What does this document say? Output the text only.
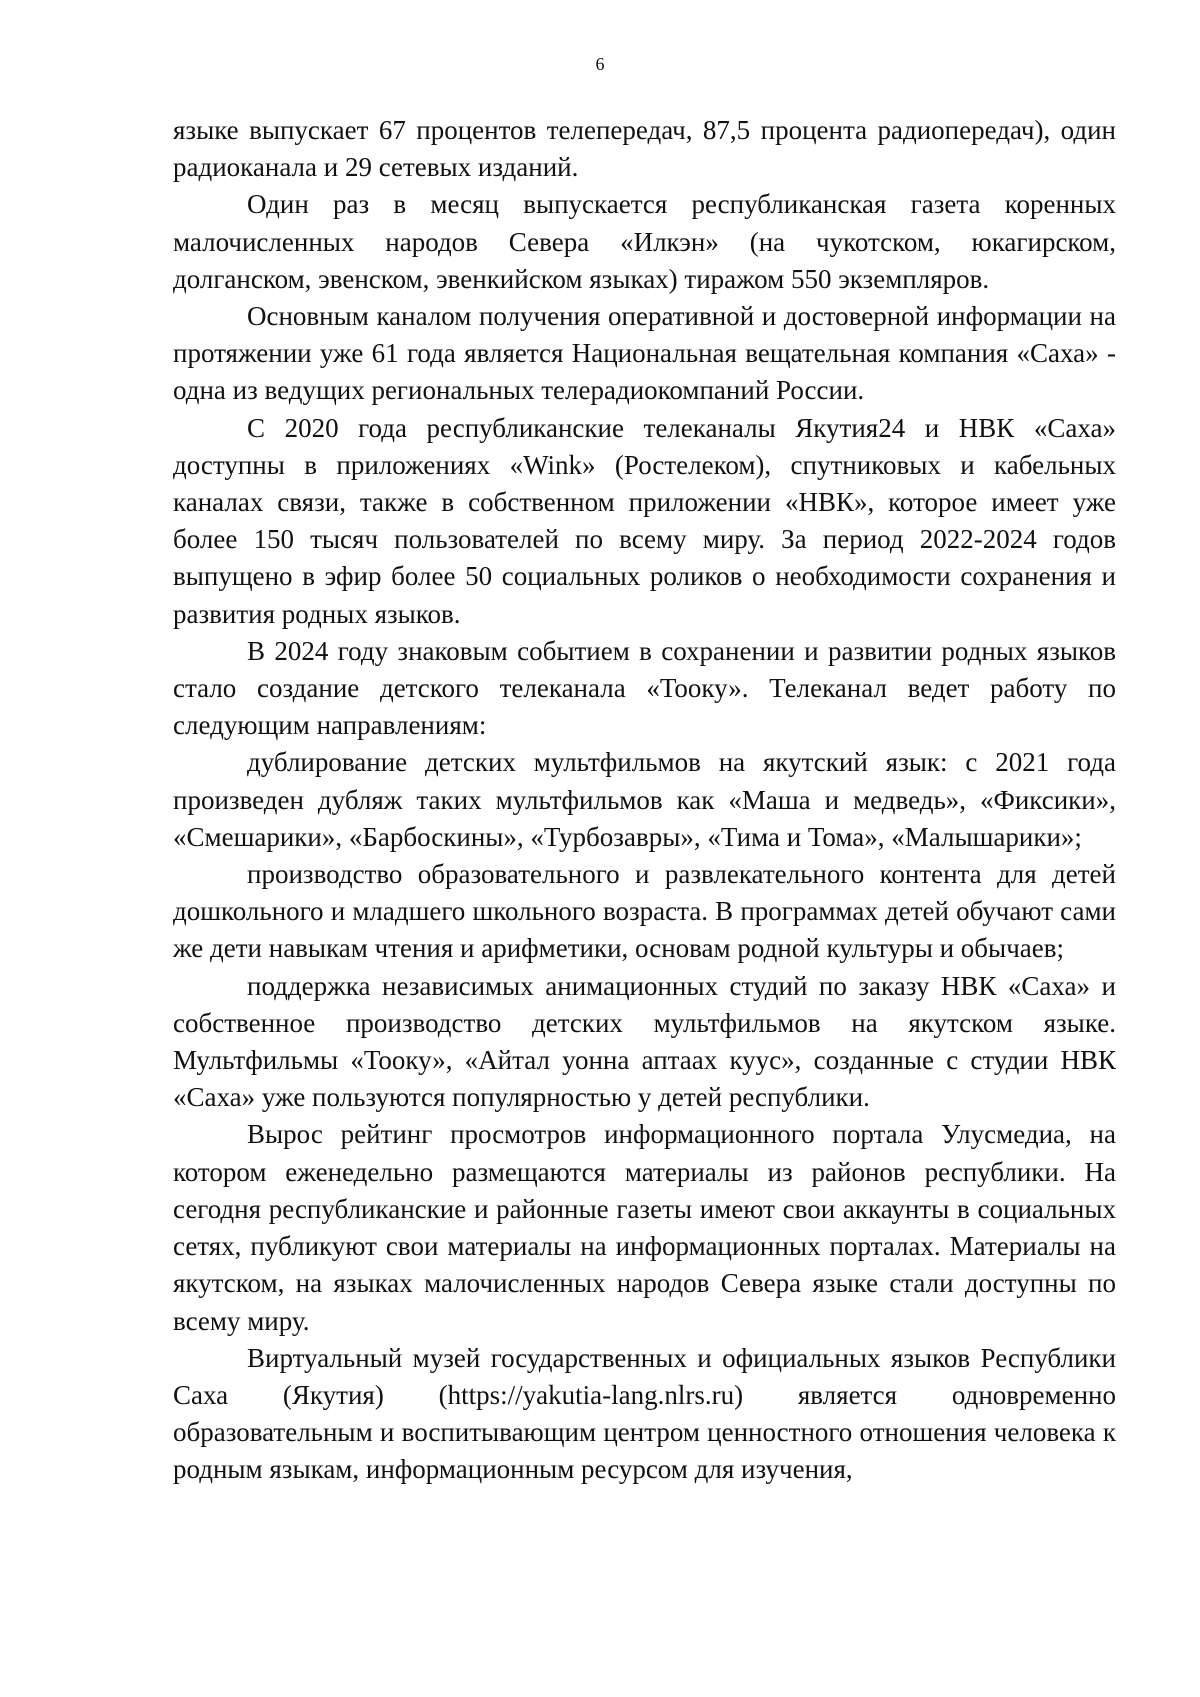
6

языке выпускает 67 процентов телепередач, 87,5 процента радиопередач), один радиоканала и 29 сетевых изданий.

Один раз в месяц выпускается республиканская газета коренных малочисленных народов Севера «Илкэн» (на чукотском, юкагирском, долганском, эвенском, эвенкийском языках) тиражом 550 экземпляров.

Основным каналом получения оперативной и достоверной информации на протяжении уже 61 года является Национальная вещательная компания «Саха» - одна из ведущих региональных телерадиокомпаний России.

С 2020 года республиканские телеканалы Якутия24 и НВК «Саха» доступны в приложениях «Wink» (Ростелеком), спутниковых и кабельных каналах связи, также в собственном приложении «НВК», которое имеет уже более 150 тысяч пользователей по всему миру. За период 2022-2024 годов выпущено в эфир более 50 социальных роликов о необходимости сохранения и развития родных языков.

В 2024 году знаковым событием в сохранении и развитии родных языков стало создание детского телеканала «Тооку». Телеканал ведет работу по следующим направлениям:

дублирование детских мультфильмов на якутский язык: с 2021 года произведен дубляж таких мультфильмов как «Маша и медведь», «Фиксики», «Смешарики», «Барбоскины», «Турбозавры», «Тима и Тома», «Малышарики»;

производство образовательного и развлекательного контента для детей дошкольного и младшего школьного возраста. В программах детей обучают сами же дети навыкам чтения и арифметики, основам родной культуры и обычаев;

поддержка независимых анимационных студий по заказу НВК «Саха» и собственное производство детских мультфильмов на якутском языке. Мультфильмы «Тооку», «Айтал уонна аптаах куус», созданные с студии НВК «Саха» уже пользуются популярностью у детей республики.

Вырос рейтинг просмотров информационного портала Улусмедиа, на котором еженедельно размещаются материалы из районов республики. На сегодня республиканские и районные газеты имеют свои аккаунты в социальных сетях, публикуют свои материалы на информационных порталах. Материалы на якутском, на языках малочисленных народов Севера языке стали доступны по всему миру.

Виртуальный музей государственных и официальных языков Республики Саха (Якутия) (https://yakutia-lang.nlrs.ru) является одновременно образовательным и воспитывающим центром ценностного отношения человека к родным языкам, информационным ресурсом для изучения,
